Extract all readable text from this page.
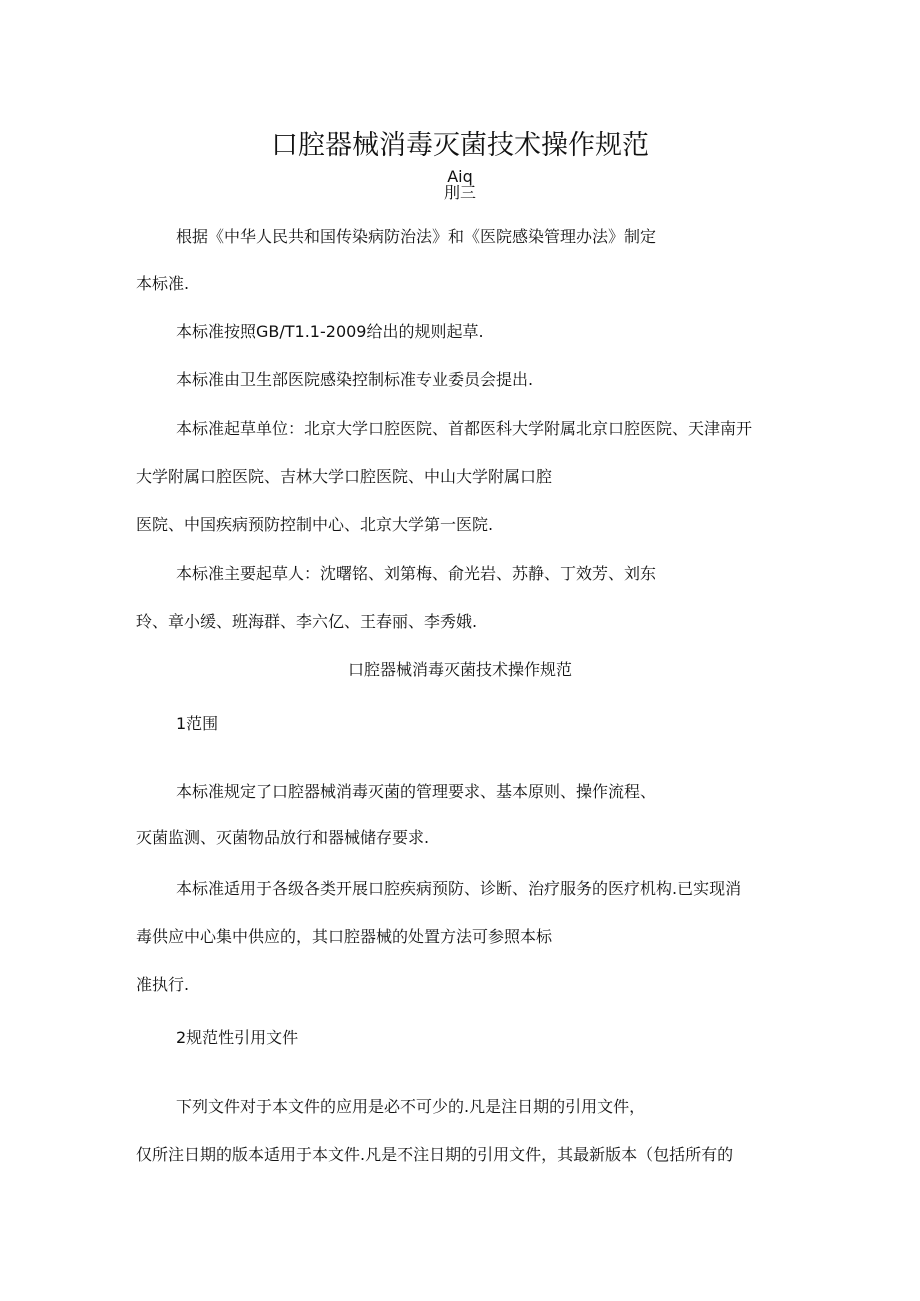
口腔器械消毒灭菌技术操作规范
Aiq
刖三
根据《中华人民共和国传染病防治法》和《医院感染管理办法》制定
本标准.
本标准按照GB/T1.1-2009给出的规则起草.
本标准由卫生部医院感染控制标准专业委员会提出.
本标准起草单位：北京大学口腔医院、首都医科大学附属北京口腔医院、天津南开
大学附属口腔医院、吉林大学口腔医院、中山大学附属口腔
医院、中国疾病预防控制中心、北京大学第一医院.
本标准主要起草人：沈曙铭、刘第梅、俞光岩、苏静、丁效芳、刘东
玲、章小缓、班海群、李六亿、王春丽、李秀娥.
口腔器械消毒灭菌技术操作规范
1范围
本标准规定了口腔器械消毒灭菌的管理要求、基本原则、操作流程、
灭菌监测、灭菌物品放行和器械储存要求.
本标准适用于各级各类开展口腔疾病预防、诊断、治疗服务的医疗机构.已实现消
毒供应中心集中供应的，其口腔器械的处置方法可参照本标
准执行.
2规范性引用文件
下列文件对于本文件的应用是必不可少的.凡是注日期的引用文件，
仅所注日期的版本适用于本文件.凡是不注日期的引用文件，其最新版本（包括所有的
